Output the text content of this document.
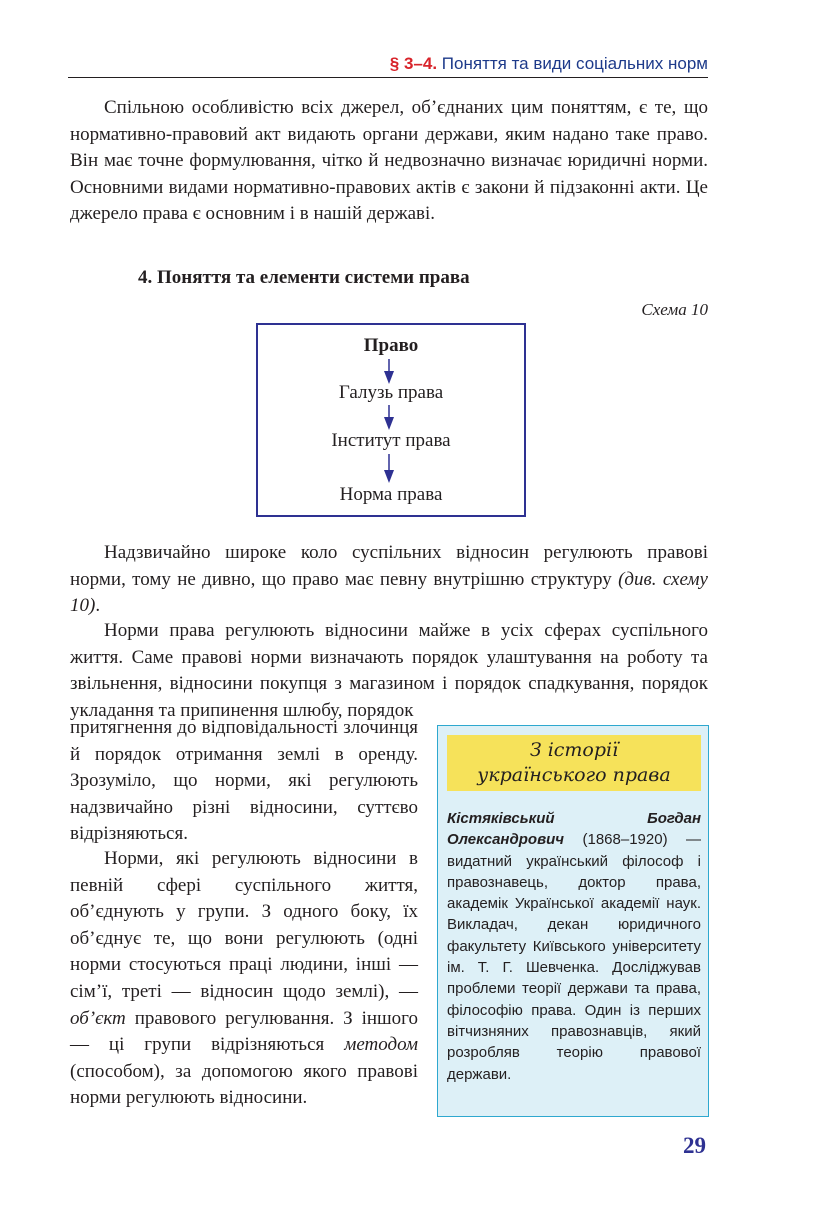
§ 3–4. Поняття та види соціальних норм

Спільною особливістю всіх джерел, об’єднаних цим поняттям, є те, що нормативно-правовий акт видають органи держави, яким надано таке право. Він має точне формулювання, чітко й недвозначно визначає юридичні норми. Основними видами нормативно-правових актів є закони й підзаконні акти. Це джерело права є основним і в нашій державі.

4. Поняття та елементи системи права

Схема 10
Право
Галузь права
Інститут права
Норма права

Надзвичайно широке коло суспільних відносин регулюють правові норми, тому не дивно, що право має певну внутрішню структуру (див. схему 10).

Норми права регулюють відносини майже в усіх сферах суспільного життя. Саме правові норми визначають порядок улаштування на роботу та звільнення, відносини покупця з магазином і порядок спадкування, порядок укладання та припинення шлюбу, порядок

притягнення до відповідальності злочинця й порядок отримання землі в оренду. Зрозуміло, що норми, які регулюють надзвичайно різні відносини, суттєво відрізняються.

Норми, які регулюють відносини в певній сфері суспільного життя, об’єднують у групи. З одного боку, їх об’єднує те, що вони регулюють (одні норми стосуються праці людини, інші — сім’ї, треті — відносин щодо землі), — об’єкт правового регулювання. З іншого — ці групи відрізняються методом (способом), за допомогою якого правові норми регулюють відносини.

З історії
українського права

Кістяківський Богдан Олександрович (1868–1920) — видатний український філософ і правознавець, доктор права, академік Української академії наук. Викладач, декан юридичного факультету Київського університету ім. Т. Г. Шевченка. Досліджував проблеми теорії держави та права, філософію права. Один із перших вітчизняних правознавців, який розробляв теорію правової держави.

29
